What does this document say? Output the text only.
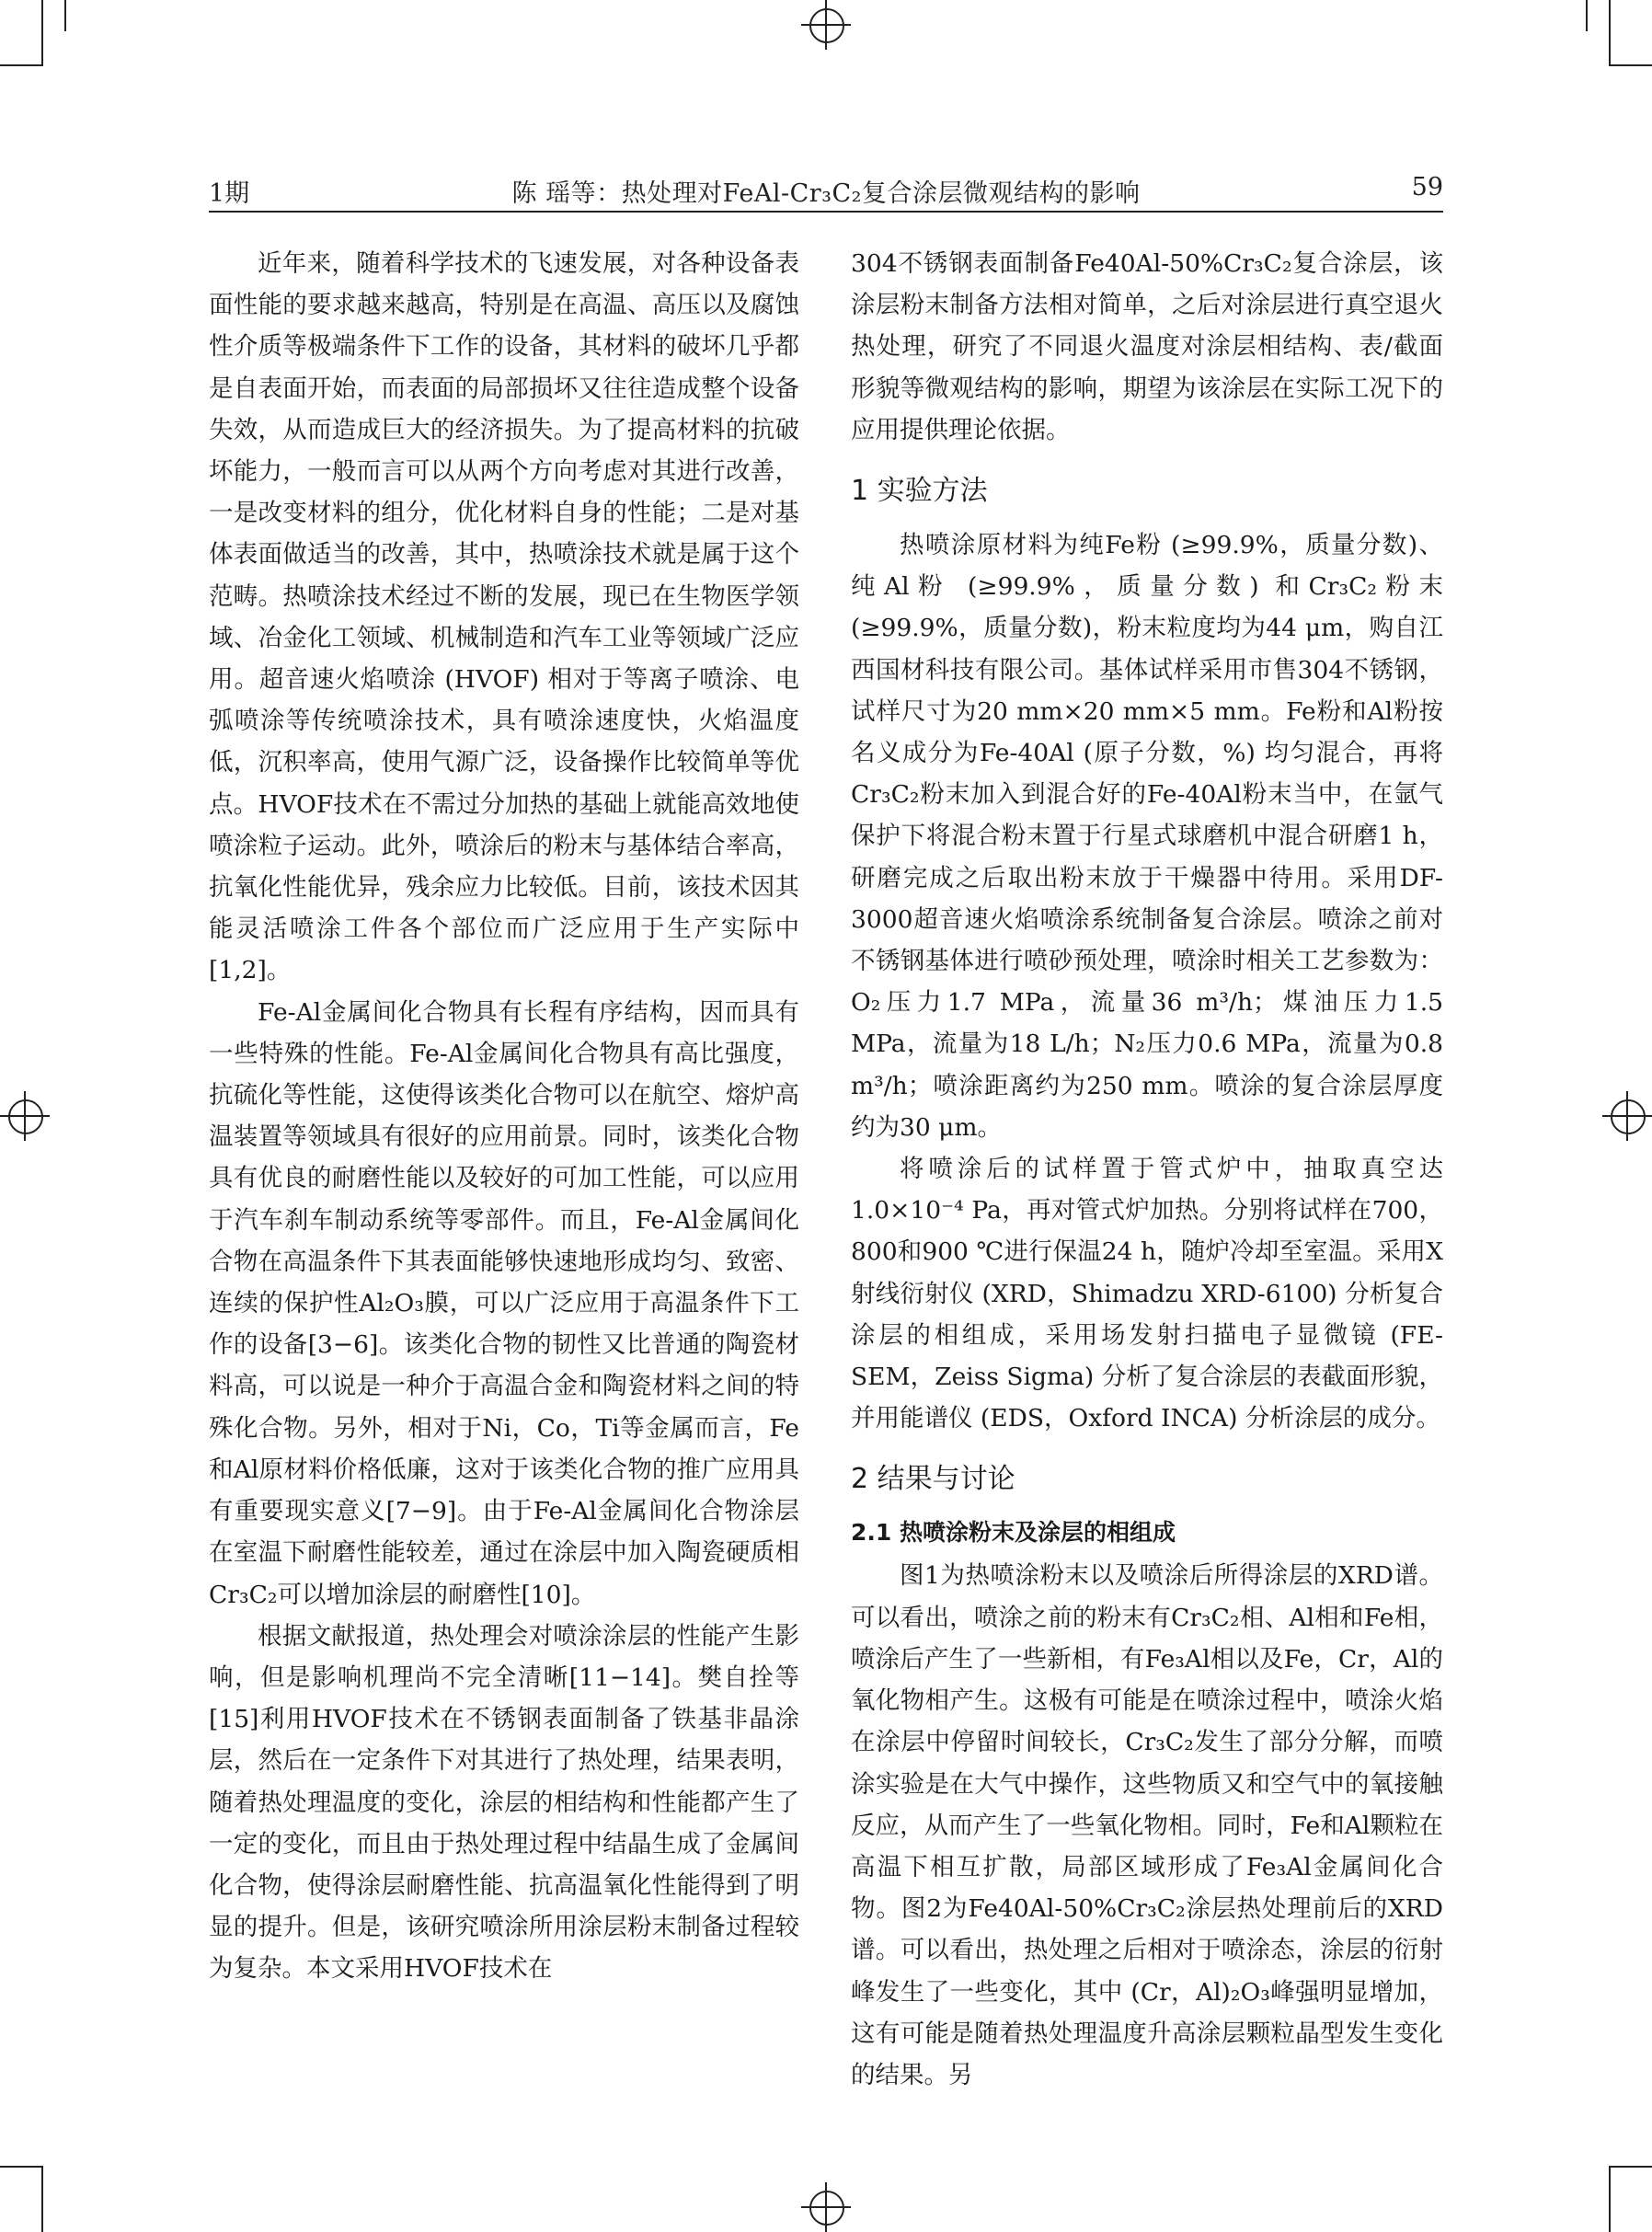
1期	陈 瑶等：热处理对FeAl-Cr₃C₂复合涂层微观结构的影响	59

近年来，随着科学技术的飞速发展，对各种设备表面性能的要求越来越高，特别是在高温、高压以及腐蚀性介质等极端条件下工作的设备，其材料的破坏几乎都是自表面开始，而表面的局部损坏又往往造成整个设备失效，从而造成巨大的经济损失。为了提高材料的抗破坏能力，一般而言可以从两个方向考虑对其进行改善，一是改变材料的组分，优化材料自身的性能；二是对基体表面做适当的改善，其中，热喷涂技术就是属于这个范畴。热喷涂技术经过不断的发展，现已在生物医学领域、冶金化工领域、机械制造和汽车工业等领域广泛应用。超音速火焰喷涂 (HVOF) 相对于等离子喷涂、电弧喷涂等传统喷涂技术，具有喷涂速度快，火焰温度低，沉积率高，使用气源广泛，设备操作比较简单等优点。HVOF技术在不需过分加热的基础上就能高效地使喷涂粒子运动。此外，喷涂后的粉末与基体结合率高，抗氧化性能优异，残余应力比较低。目前，该技术因其能灵活喷涂工件各个部位而广泛应用于生产实际中[1,2]。

Fe-Al金属间化合物具有长程有序结构，因而具有一些特殊的性能。Fe-Al金属间化合物具有高比强度，抗硫化等性能，这使得该类化合物可以在航空、熔炉高温装置等领域具有很好的应用前景。同时，该类化合物具有优良的耐磨性能以及较好的可加工性能，可以应用于汽车刹车制动系统等零部件。而且，Fe-Al金属间化合物在高温条件下其表面能够快速地形成均匀、致密、连续的保护性Al₂O₃膜，可以广泛应用于高温条件下工作的设备[3−6]。该类化合物的韧性又比普通的陶瓷材料高，可以说是一种介于高温合金和陶瓷材料之间的特殊化合物。另外，相对于Ni，Co，Ti等金属而言，Fe和Al原材料价格低廉，这对于该类化合物的推广应用具有重要现实意义[7−9]。由于Fe-Al金属间化合物涂层在室温下耐磨性能较差，通过在涂层中加入陶瓷硬质相Cr₃C₂可以增加涂层的耐磨性[10]。

根据文献报道，热处理会对喷涂涂层的性能产生影响，但是影响机理尚不完全清晰[11−14]。樊自拴等[15]利用HVOF技术在不锈钢表面制备了铁基非晶涂层，然后在一定条件下对其进行了热处理，结果表明，随着热处理温度的变化，涂层的相结构和性能都产生了一定的变化，而且由于热处理过程中结晶生成了金属间化合物，使得涂层耐磨性能、抗高温氧化性能得到了明显的提升。但是，该研究喷涂所用涂层粉末制备过程较为复杂。本文采用HVOF技术在

304不锈钢表面制备Fe40Al-50%Cr₃C₂复合涂层，该涂层粉末制备方法相对简单，之后对涂层进行真空退火热处理，研究了不同退火温度对涂层相结构、表/截面形貌等微观结构的影响，期望为该涂层在实际工况下的应用提供理论依据。

1 实验方法

热喷涂原材料为纯Fe粉 (≥99.9%，质量分数)、纯Al粉 (≥99.9%，质量分数) 和Cr₃C₂粉末 (≥99.9%，质量分数)，粉末粒度均为44 μm，购自江西国材科技有限公司。基体试样采用市售304不锈钢，试样尺寸为20 mm×20 mm×5 mm。Fe粉和Al粉按名义成分为Fe-40Al (原子分数，%) 均匀混合，再将Cr₃C₂粉末加入到混合好的Fe-40Al粉末当中，在氩气保护下将混合粉末置于行星式球磨机中混合研磨1 h，研磨完成之后取出粉末放于干燥器中待用。采用DF-3000超音速火焰喷涂系统制备复合涂层。喷涂之前对不锈钢基体进行喷砂预处理，喷涂时相关工艺参数为：O₂压力1.7 MPa，流量36 m³/h；煤油压力1.5 MPa，流量为18 L/h；N₂压力0.6 MPa，流量为0.8 m³/h；喷涂距离约为250 mm。喷涂的复合涂层厚度约为30 μm。

将喷涂后的试样置于管式炉中，抽取真空达1.0×10⁻⁴ Pa，再对管式炉加热。分别将试样在700，800和900 ℃进行保温24 h，随炉冷却至室温。采用X射线衍射仪 (XRD，Shimadzu XRD-6100) 分析复合涂层的相组成，采用场发射扫描电子显微镜 (FE-SEM，Zeiss Sigma) 分析了复合涂层的表截面形貌，并用能谱仪 (EDS，Oxford INCA) 分析涂层的成分。

2 结果与讨论
2.1 热喷涂粉末及涂层的相组成

图1为热喷涂粉末以及喷涂后所得涂层的XRD谱。可以看出，喷涂之前的粉末有Cr₃C₂相、Al相和Fe相，喷涂后产生了一些新相，有Fe₃Al相以及Fe，Cr，Al的氧化物相产生。这极有可能是在喷涂过程中，喷涂火焰在涂层中停留时间较长，Cr₃C₂发生了部分分解，而喷涂实验是在大气中操作，这些物质又和空气中的氧接触反应，从而产生了一些氧化物相。同时，Fe和Al颗粒在高温下相互扩散，局部区域形成了Fe₃Al金属间化合物。图2为Fe40Al-50%Cr₃C₂涂层热处理前后的XRD谱。可以看出，热处理之后相对于喷涂态，涂层的衍射峰发生了一些变化，其中 (Cr，Al)₂O₃峰强明显增加，这有可能是随着热处理温度升高涂层颗粒晶型发生变化的结果。另
